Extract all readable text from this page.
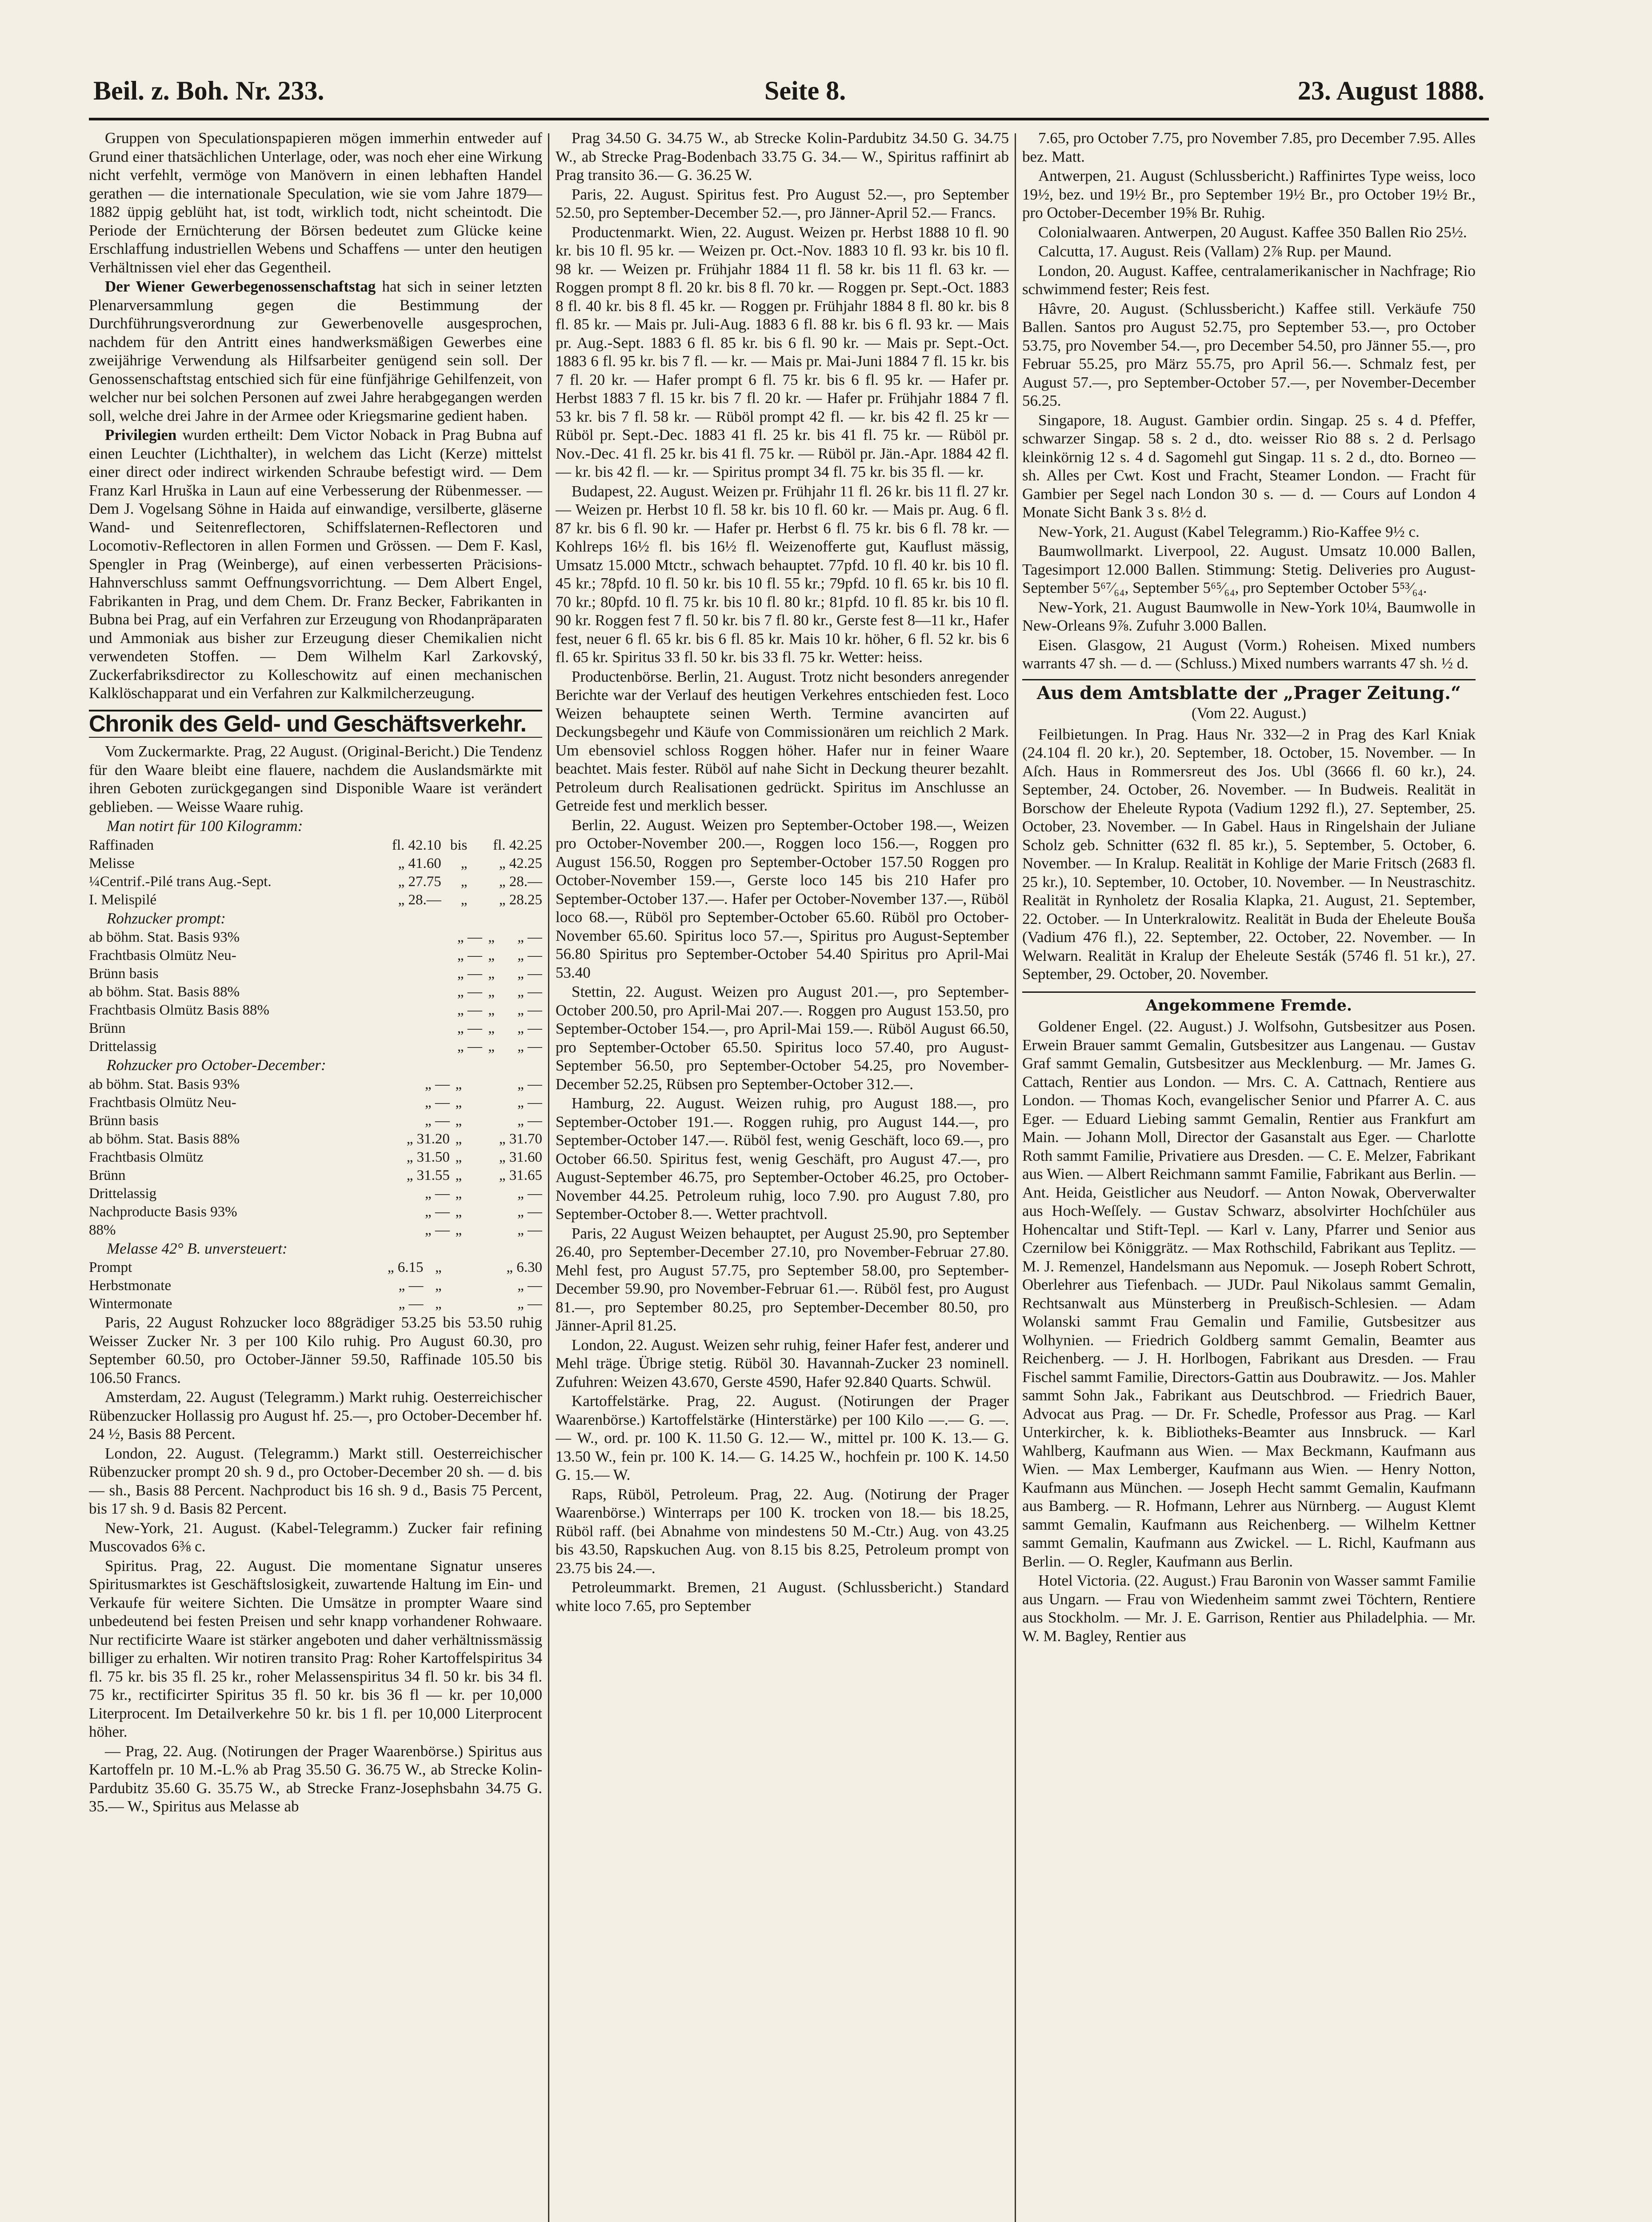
Beil. z. Boh. Nr. 233.	Seite 8.	23. August 1888.

Gruppen von Speculationspapieren mögen immerhin entweder auf Grund einer thatsächlichen Unterlage, oder, was noch eher eine Wirkung nicht verfehlt, vermöge von Manövern in einen lebhaften Handel gerathen — die internationale Speculation, wie sie vom Jahre 1879—1882 üppig geblüht hat, ist todt, wirklich todt, nicht scheintodt. Die Periode der Ernüchterung der Börsen bedeutet zum Glücke keine Erschlaffung industriellen Webens und Schaffens — unter den heutigen Verhältnissen viel eher das Gegentheil.

Der Wiener Gewerbegenossenschaftstag hat sich in seiner letzten Plenarversammlung gegen die Bestimmung der Durchführungsverordnung zur Gewerbenovelle ausgesprochen, nachdem für den Antritt eines handwerksmäßigen Gewerbes eine zweijährige Verwendung als Hilfsarbeiter genügend sein soll. Der Genossenschaftstag entschied sich für eine fünfjährige Gehilfenzeit, von welcher nur bei solchen Personen auf zwei Jahre herabgegangen werden soll, welche drei Jahre in der Armee oder Kriegsmarine gedient haben.

Privilegien wurden ertheilt: Dem Victor Noback in Prag Bubna auf einen Leuchter (Lichthalter), in welchem das Licht (Kerze) mittelst einer direct oder indirect wirkenden Schraube befestigt wird. — Dem Franz Karl Hruška in Laun auf eine Verbesserung der Rübenmesser. — Dem J. Vogelsang Söhne in Haida auf einwandige, versilberte, gläserne Wand- und Seitenreflectoren, Schiffslaternen-Reflectoren und Locomotiv-Reflectoren in allen Formen und Grössen. — Dem F. Kasl, Spengler in Prag (Weinberge), auf einen verbesserten Präcisions-Hahnverschluss sammt Oeffnungsvorrichtung. — Dem Albert Engel, Fabrikanten in Prag, und dem Chem. Dr. Franz Becker, Fabrikanten in Bubna bei Prag, auf ein Verfahren zur Erzeugung von Rhodanpräparaten und Ammoniak aus bisher zur Erzeugung dieser Chemikalien nicht verwendeten Stoffen. — Dem Wilhelm Karl Zarkovský, Zuckerfabriksdirector zu Kolleschowitz auf einen mechanischen Kalklöschapparat und ein Verfahren zur Kalkmilcherzeugung.

Chronik des Geld- und Geschäftsverkehr.

Vom Zuckermarkte. Prag, 22 August. (Original-Bericht.) Die Tendenz für den Waare bleibt eine flauere, nachdem die Auslandsmärkte mit ihren Geboten zurückgegangen sind Disponible Waare ist verändert geblieben. — Weisse Waare ruhig.

Man notirt für 100 Kilogramm:

Raffinaden	fl. 42.10	bis	fl. 42.25
Melisse	„ 41.60	„	„ 42.25
¼Centrif.-Pilé trans Aug.-Sept.	„ 27.75	„	„ 28.—
I. Melispilé	„ 28.—	„	„ 28.25

Rohzucker prompt:

ab böhm. Stat. Basis 93%	„ —	„	„ —
Frachtbasis Olmütz Neu-	„ —	„	„ —
Brünn basis	„ —	„	„ —
ab böhm. Stat. Basis 88%	„ —	„	„ —
Frachtbasis Olmütz Basis 88%	„ —	„	„ —
Brünn	„ —	„	„ —
Drittelassig	„ —	„	„ —

Rohzucker pro October-December:

ab böhm. Stat. Basis 93%	„ —	„	„ —
Frachtbasis Olmütz Neu-	„ —	„	„ —
Brünn basis	„ —	„	„ —
ab böhm. Stat. Basis 88%	„ 31.20	„	„ 31.70
Frachtbasis Olmütz	„ 31.50	„	„ 31.60
Brünn	„ 31.55	„	„ 31.65
Drittelassig	„ —	„	„ —
Nachproducte Basis 93%	„ —	„	„ —
88%	„ —	„	„ —

Melasse 42° B. unversteuert:

Prompt	„ 6.15	„	„ 6.30
Herbstmonate	„ —	„	„ —
Wintermonate	„ —	„	„ —

Paris, 22 August Rohzucker loco 88grädiger 53.25 bis 53.50 ruhig Weisser Zucker Nr. 3 per 100 Kilo ruhig. Pro August 60.30, pro September 60.50, pro October-Jänner 59.50, Raffinade 105.50 bis 106.50 Francs.

Amsterdam, 22. August (Telegramm.) Markt ruhig. Oesterreichischer Rübenzucker Hollassig pro August hf. 25.—, pro October-December hf. 24 ½, Basis 88 Percent.

London, 22. August. (Telegramm.) Markt still. Oesterreichischer Rübenzucker prompt 20 sh. 9 d., pro October-December 20 sh. — d. bis — sh., Basis 88 Percent. Nachproduct bis 16 sh. 9 d., Basis 75 Percent, bis 17 sh. 9 d. Basis 82 Percent.

New-York, 21. August. (Kabel-Telegramm.) Zucker fair refining Muscovados 6⅜ c.

Spiritus. Prag, 22. August. Die momentane Signatur unseres Spiritusmarktes ist Geschäftslosigkeit, zuwartende Haltung im Ein- und Verkaufe für weitere Sichten. Die Umsätze in prompter Waare sind unbedeutend bei festen Preisen und sehr knapp vorhandener Rohwaare. Nur rectificirte Waare ist stärker angeboten und daher verhältnissmässig billiger zu erhalten. Wir notiren transito Prag: Roher Kartoffelspiritus 34 fl. 75 kr. bis 35 fl. 25 kr., roher Melassenspiritus 34 fl. 50 kr. bis 34 fl. 75 kr., rectificirter Spiritus 35 fl. 50 kr. bis 36 fl — kr. per 10,000 Literprocent. Im Detailverkehre 50 kr. bis 1 fl. per 10,000 Literprocent höher.

— Prag, 22. Aug. (Notirungen der Prager Waarenbörse.) Spiritus aus Kartoffeln pr. 10 M.-L.% ab Prag 35.50 G. 36.75 W., ab Strecke Kolin-Pardubitz 35.60 G. 35.75 W., ab Strecke Franz-Josephsbahn 34.75 G. 35.— W., Spiritus aus Melasse ab

Prag 34.50 G. 34.75 W., ab Strecke Kolin-Pardubitz 34.50 G. 34.75 W., ab Strecke Prag-Bodenbach 33.75 G. 34.— W., Spiritus raffinirt ab Prag transito 36.— G. 36.25 W.

Paris, 22. August. Spiritus fest. Pro August 52.—, pro September 52.50, pro September-December 52.—, pro Jänner-April 52.— Francs.

Productenmarkt. Wien, 22. August. Weizen pr. Herbst 1888 10 fl. 90 kr. bis 10 fl. 95 kr. — Weizen pr. Oct.-Nov. 1883 10 fl. 93 kr. bis 10 fl. 98 kr. — Weizen pr. Frühjahr 1884 11 fl. 58 kr. bis 11 fl. 63 kr. — Roggen prompt 8 fl. 20 kr. bis 8 fl. 70 kr. — Roggen pr. Sept.-Oct. 1883 8 fl. 40 kr. bis 8 fl. 45 kr. — Roggen pr. Frühjahr 1884 8 fl. 80 kr. bis 8 fl. 85 kr. — Mais pr. Juli-Aug. 1883 6 fl. 88 kr. bis 6 fl. 93 kr. — Mais pr. Aug.-Sept. 1883 6 fl. 85 kr. bis 6 fl. 90 kr. — Mais pr. Sept.-Oct. 1883 6 fl. 95 kr. bis 7 fl. — kr. — Mais pr. Mai-Juni 1884 7 fl. 15 kr. bis 7 fl. 20 kr. — Hafer prompt 6 fl. 75 kr. bis 6 fl. 95 kr. — Hafer pr. Herbst 1883 7 fl. 15 kr. bis 7 fl. 20 kr. — Hafer pr. Frühjahr 1884 7 fl. 53 kr. bis 7 fl. 58 kr. — Rüböl prompt 42 fl. — kr. bis 42 fl. 25 kr — Rüböl pr. Sept.-Dec. 1883 41 fl. 25 kr. bis 41 fl. 75 kr. — Rüböl pr. Nov.-Dec. 41 fl. 25 kr. bis 41 fl. 75 kr. — Rüböl pr. Jän.-Apr. 1884 42 fl. — kr. bis 42 fl. — kr. — Spiritus prompt 34 fl. 75 kr. bis 35 fl. — kr.

Budapest, 22. August. Weizen pr. Frühjahr 11 fl. 26 kr. bis 11 fl. 27 kr. — Weizen pr. Herbst 10 fl. 58 kr. bis 10 fl. 60 kr. — Mais pr. Aug. 6 fl. 87 kr. bis 6 fl. 90 kr. — Hafer pr. Herbst 6 fl. 75 kr. bis 6 fl. 78 kr. — Kohlreps 16½ fl. bis 16½ fl. Weizenofferte gut, Kauflust mässig, Umsatz 15.000 Mtctr., schwach behauptet. 77pfd. 10 fl. 40 kr. bis 10 fl. 45 kr.; 78pfd. 10 fl. 50 kr. bis 10 fl. 55 kr.; 79pfd. 10 fl. 65 kr. bis 10 fl. 70 kr.; 80pfd. 10 fl. 75 kr. bis 10 fl. 80 kr.; 81pfd. 10 fl. 85 kr. bis 10 fl. 90 kr. Roggen fest 7 fl. 50 kr. bis 7 fl. 80 kr., Gerste fest 8—11 kr., Hafer fest, neuer 6 fl. 65 kr. bis 6 fl. 85 kr. Mais 10 kr. höher, 6 fl. 52 kr. bis 6 fl. 65 kr. Spiritus 33 fl. 50 kr. bis 33 fl. 75 kr. Wetter: heiss.

Productenbörse. Berlin, 21. August. Trotz nicht besonders anregender Berichte war der Verlauf des heutigen Verkehres entschieden fest. Loco Weizen behauptete seinen Werth. Termine avancirten auf Deckungsbegehr und Käufe von Commissionären um reichlich 2 Mark. Um ebensoviel schloss Roggen höher. Hafer nur in feiner Waare beachtet. Mais fester. Rüböl auf nahe Sicht in Deckung theurer bezahlt. Petroleum durch Realisationen gedrückt. Spiritus im Anschlusse an Getreide fest und merklich besser.

Berlin, 22. August. Weizen pro September-October 198.—, Weizen pro October-November 200.—, Roggen loco 156.—, Roggen pro August 156.50, Roggen pro September-October 157.50 Roggen pro October-November 159.—, Gerste loco 145 bis 210 Hafer pro September-October 137.—. Hafer per October-November 137.—, Rüböl loco 68.—, Rüböl pro September-October 65.60. Rüböl pro October-November 65.60. Spiritus loco 57.—, Spiritus pro August-September 56.80 Spiritus pro September-October 54.40 Spiritus pro April-Mai 53.40

Stettin, 22. August. Weizen pro August 201.—, pro September-October 200.50, pro April-Mai 207.—. Roggen pro August 153.50, pro September-October 154.—, pro April-Mai 159.—. Rüböl August 66.50, pro September-October 65.50. Spiritus loco 57.40, pro August-September 56.50, pro September-October 54.25, pro November-December 52.25, Rübsen pro September-October 312.—.

Hamburg, 22. August. Weizen ruhig, pro August 188.—, pro September-October 191.—. Roggen ruhig, pro August 144.—, pro September-October 147.—. Rüböl fest, wenig Geschäft, loco 69.—, pro October 66.50. Spiritus fest, wenig Geschäft, pro August 47.—, pro August-September 46.75, pro September-October 46.25, pro October-November 44.25. Petroleum ruhig, loco 7.90. pro August 7.80, pro September-October 8.—. Wetter prachtvoll.

Paris, 22 August Weizen behauptet, per August 25.90, pro September 26.40, pro September-December 27.10, pro November-Februar 27.80. Mehl fest, pro August 57.75, pro September 58.00, pro September-December 59.90, pro November-Februar 61.—. Rüböl fest, pro August 81.—, pro September 80.25, pro September-December 80.50, pro Jänner-April 81.25.

London, 22. August. Weizen sehr ruhig, feiner Hafer fest, anderer und Mehl träge. Übrige stetig. Rüböl 30. Havannah-Zucker 23 nominell. Zufuhren: Weizen 43.670, Gerste 4590, Hafer 92.840 Quarts. Schwül.

Kartoffelstärke. Prag, 22. August. (Notirungen der Prager Waarenbörse.) Kartoffelstärke (Hinterstärke) per 100 Kilo —.— G. —.— W., ord. pr. 100 K. 11.50 G. 12.— W., mittel pr. 100 K. 13.— G. 13.50 W., fein pr. 100 K. 14.— G. 14.25 W., hochfein pr. 100 K. 14.50 G. 15.— W.

Raps, Rüböl, Petroleum. Prag, 22. Aug. (Notirung der Prager Waarenbörse.) Winterraps per 100 K. trocken von 18.— bis 18.25, Rüböl raff. (bei Abnahme von mindestens 50 M.-Ctr.) Aug. von 43.25 bis 43.50, Rapskuchen Aug. von 8.15 bis 8.25, Petroleum prompt von 23.75 bis 24.—.

Petroleummarkt. Bremen, 21 August. (Schlussbericht.) Standard white loco 7.65, pro September

7.65, pro October 7.75, pro November 7.85, pro December 7.95. Alles bez. Matt.

Antwerpen, 21. August (Schlussbericht.) Raffinirtes Type weiss, loco 19½, bez. und 19½ Br., pro September 19½ Br., pro October 19½ Br., pro October-December 19⅝ Br. Ruhig.

Colonialwaaren. Antwerpen, 20 August. Kaffee 350 Ballen Rio 25½.

Calcutta, 17. August. Reis (Vallam) 2⅞ Rup. per Maund.

London, 20. August. Kaffee, centralamerikanischer in Nachfrage; Rio schwimmend fester; Reis fest.

Hâvre, 20. August. (Schlussbericht.) Kaffee still. Verkäufe 750 Ballen. Santos pro August 52.75, pro September 53.—, pro October 53.75, pro November 54.—, pro December 54.50, pro Jänner 55.—, pro Februar 55.25, pro März 55.75, pro April 56.—. Schmalz fest, per August 57.—, pro September-October 57.—, per November-December 56.25.

Singapore, 18. August. Gambier ordin. Singap. 25 s. 4 d. Pfeffer, schwarzer Singap. 58 s. 2 d., dto. weisser Rio 88 s. 2 d. Perlsago kleinkörnig 12 s. 4 d. Sagomehl gut Singap. 11 s. 2 d., dto. Borneo — sh. Alles per Cwt. Kost und Fracht, Steamer London. — Fracht für Gambier per Segel nach London 30 s. — d. — Cours auf London 4 Monate Sicht Bank 3 s. 8½ d.

New-York, 21. August (Kabel Telegramm.) Rio-Kaffee 9½ c.

Baumwollmarkt. Liverpool, 22. August. Umsatz 10.000 Ballen, Tagesimport 12.000 Ballen. Stimmung: Stetig. Deliveries pro August-September 5⁶⁷⁄₆₄, September 5⁶⁵⁄₆₄, pro September October 5⁵³⁄₆₄.

New-York, 21. August Baumwolle in New-York 10¼, Baumwolle in New-Orleans 9⅞. Zufuhr 3.000 Ballen.

Eisen. Glasgow, 21 August (Vorm.) Roheisen. Mixed numbers warrants 47 sh. — d. — (Schluss.) Mixed numbers warrants 47 sh. ½ d.

Aus dem Amtsblatte der „Prager Zeitung.“

(Vom 22. August.)

Feilbietungen. In Prag. Haus Nr. 332—2 in Prag des Karl Kniak (24.104 fl. 20 kr.), 20. September, 18. October, 15. November. — In Aſch. Haus in Rommersreut des Jos. Ubl (3666 fl. 60 kr.), 24. September, 24. October, 26. November. — In Budweis. Realität in Borschow der Eheleute Rypota (Vadium 1292 fl.), 27. September, 25. October, 23. November. — In Gabel. Haus in Ringelshain der Juliane Scholz geb. Schnitter (632 fl. 85 kr.), 5. September, 5. October, 6. November. — In Kralup. Realität in Kohlige der Marie Fritsch (2683 fl. 25 kr.), 10. September, 10. October, 10. November. — In Neustraschitz. Realität in Rynholetz der Rosalia Klapka, 21. August, 21. September, 22. October. — In Unterkralowitz. Realität in Buda der Eheleute Bouša (Vadium 476 fl.), 22. September, 22. October, 22. November. — In Welwarn. Realität in Kralup der Eheleute Sesták (5746 fl. 51 kr.), 27. September, 29. October, 20. November.

Angekommene Fremde.

Goldener Engel. (22. August.) J. Wolfsohn, Gutsbesitzer aus Posen. Erwein Brauer sammt Gemalin, Gutsbesitzer aus Langenau. — Gustav Graf sammt Gemalin, Gutsbesitzer aus Mecklenburg. — Mr. James G. Cattach, Rentier aus London. — Mrs. C. A. Cattnach, Rentiere aus London. — Thomas Koch, evangelischer Senior und Pfarrer A. C. aus Eger. — Eduard Liebing sammt Gemalin, Rentier aus Frankfurt am Main. — Johann Moll, Director der Gasanstalt aus Eger. — Charlotte Roth sammt Familie, Privatiere aus Dresden. — C. E. Melzer, Fabrikant aus Wien. — Albert Reichmann sammt Familie, Fabrikant aus Berlin. — Ant. Heida, Geistlicher aus Neudorf. — Anton Nowak, Oberverwalter aus Hoch-Weſſely. — Gustav Schwarz, absolvirter Hochſchüler aus Hohencaltar und Stift-Tepl. — Karl v. Lany, Pfarrer und Senior aus Czernilow bei Königgrätz. — Max Rothschild, Fabrikant aus Teplitz. — M. J. Remenzel, Handelsmann aus Nepomuk. — Joseph Robert Schrott, Oberlehrer aus Tiefenbach. — JUDr. Paul Nikolaus sammt Gemalin, Rechtsanwalt aus Münsterberg in Preußisch-Schlesien. — Adam Wolanski sammt Frau Gemalin und Familie, Gutsbesitzer aus Wolhynien. — Friedrich Goldberg sammt Gemalin, Beamter aus Reichenberg. — J. H. Horlbogen, Fabrikant aus Dresden. — Frau Fischel sammt Familie, Directors-Gattin aus Doubrawitz. — Jos. Mahler sammt Sohn Jak., Fabrikant aus Deutschbrod. — Friedrich Bauer, Advocat aus Prag. — Dr. Fr. Schedle, Professor aus Prag. — Karl Unterkircher, k. k. Bibliotheks-Beamter aus Innsbruck. — Karl Wahlberg, Kaufmann aus Wien. — Max Beckmann, Kaufmann aus Wien. — Max Lemberger, Kaufmann aus Wien. — Henry Notton, Kaufmann aus München. — Joseph Hecht sammt Gemalin, Kaufmann aus Bamberg. — R. Hofmann, Lehrer aus Nürnberg. — August Klemt sammt Gemalin, Kaufmann aus Reichenberg. — Wilhelm Kettner sammt Gemalin, Kaufmann aus Zwickel. — L. Richl, Kaufmann aus Berlin. — O. Regler, Kaufmann aus Berlin.

Hotel Victoria. (22. August.) Frau Baronin von Wasser sammt Familie aus Ungarn. — Frau von Wiedenheim sammt zwei Töchtern, Rentiere aus Stockholm. — Mr. J. E. Garrison, Rentier aus Philadelphia. — Mr. W. M. Bagley, Rentier aus
